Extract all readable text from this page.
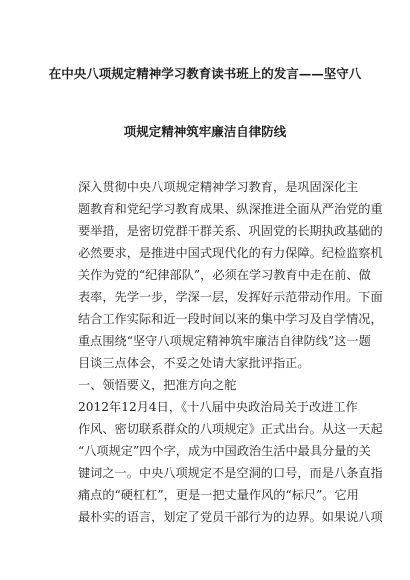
在中央八项规定精神学习教育读书班上的发言——坚守八
项规定精神筑牢廉洁自律防线
深入贯彻中央八项规定精神学习教育，是巩固深化主
题教育和党纪学习教育成果、纵深推进全面从严治党的重
要举措，是密切党群干群关系、巩固党的长期执政基础的
必然要求，是推进中国式现代化的有力保障。纪检监察机
关作为党的“纪律部队”，必须在学习教育中走在前、做
表率，先学一步，学深一层，发挥好示范带动作用。下面
结合工作实际和近一段时间以来的集中学习及自学情况，
重点围绕“坚守八项规定精神筑牢廉洁自律防线”这一题
目谈三点体会，不妥之处请大家批评指正。
一、领悟要义，把准方向之舵
2012年12月4日，《十八届中央政治局关于改进工作
作风、密切联系群众的八项规定》正式出台。从这一天起
“八项规定”四个字，成为中国政治生活中最具分量的关
键词之一。中央八项规定不是空洞的口号，而是八条直指
痛点的“硬杠杠”，更是一把丈量作风的“标尺”。它用
最朴实的语言，划定了党员干部行为的边界。如果说八项
